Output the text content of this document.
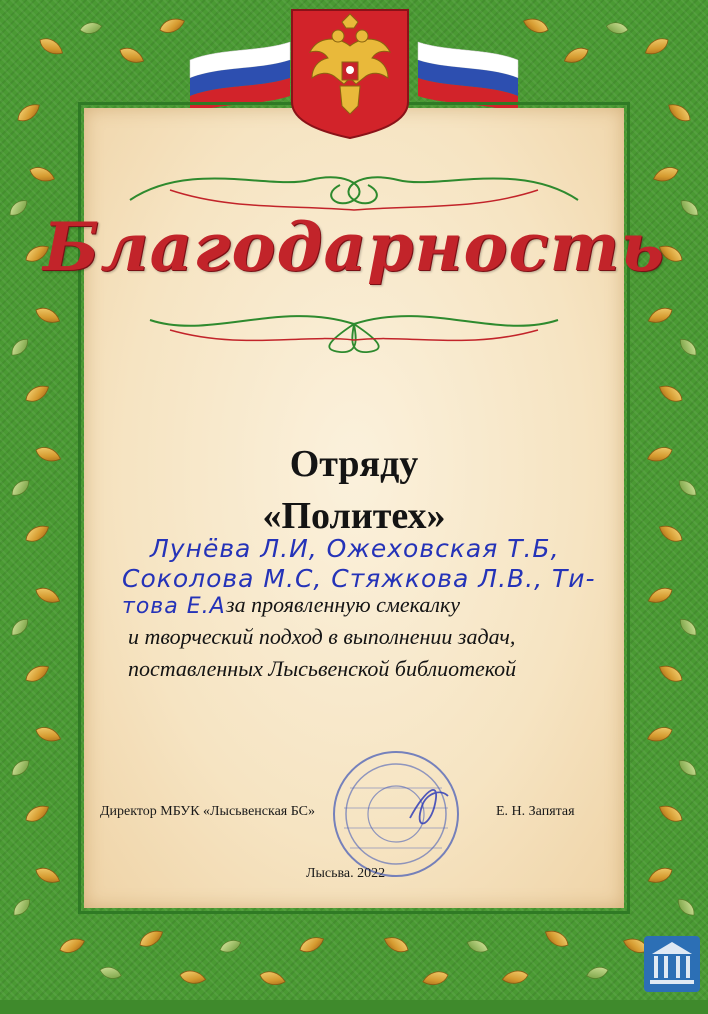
Благодарность
Отряду
«Политех»
Лунёва Л.И, Ожеховская Т.Б,
Соколова М.С, Стяжкова Л.В., Ти-
това Е.А за проявленную смекалку
и творческий подход в выполнении задач,
поставленных Лысьвенской библиотекой
Директор МБУК «Лысьвенская БС»	Е. Н. Запятая
Лысьва. 2022
